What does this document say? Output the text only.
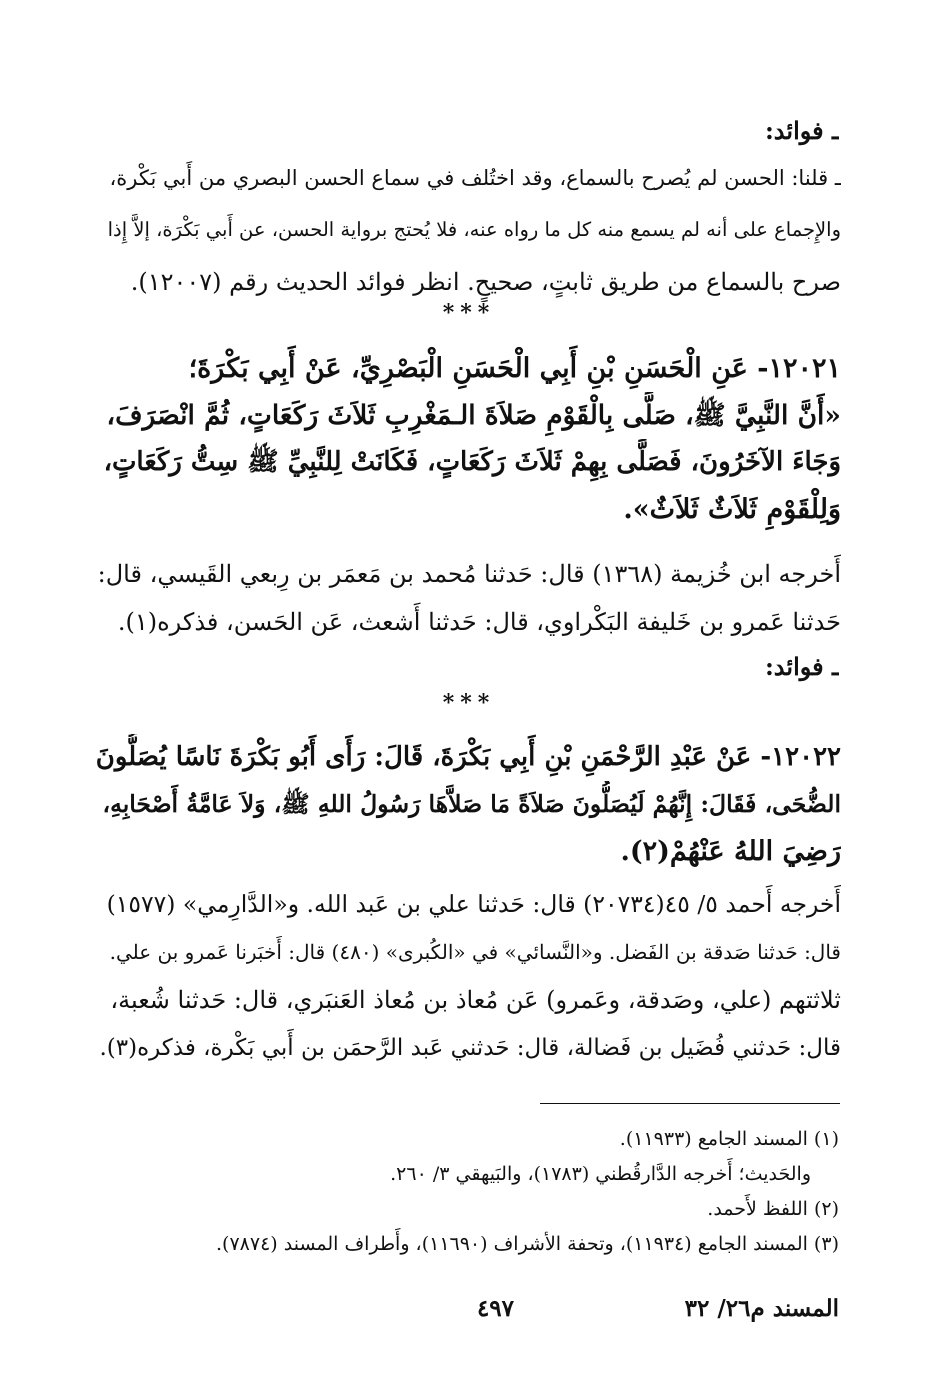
ـ فوائد:
ـ قلنا: الحسن لم يُصرح بالسماع، وقد اختُلف في سماع الحسن البصري من أَبي بَكْرة،
والإِجماع على أنه لم يسمع منه كل ما رواه عنه، فلا يُحتج برواية الحسن، عن أَبي بَكْرَة، إلاَّ إِذا
صرح بالسماع من طريق ثابتٍ، صحيحٍ. انظر فوائد الحديث رقم (١٢٠٠٧).
***
١٢٠٢١- عَنِ الْحَسَنِ بْنِ أَبِي الْحَسَنِ الْبَصْرِيِّ، عَنْ أَبِي بَكْرَةَ؛
«أَنَّ النَّبِيَّ ﷺ، صَلَّى بِالْقَوْمِ صَلاَةَ الـمَغْرِبِ ثَلاَثَ رَكَعَاتٍ، ثُمَّ انْصَرَفَ،
وَجَاءَ الآخَرُونَ، فَصَلَّى بِهِمْ ثَلاَثَ رَكَعَاتٍ، فَكَانَتْ لِلنَّبِيِّ ﷺ سِتُّ رَكَعَاتٍ،
وَلِلْقَوْمِ ثَلاَثٌ ثَلاَثٌ».
أَخرجه ابن خُزيمة (١٣٦٨) قال: حَدثنا مُحمد بن مَعمَر بن رِبعي القَيسي، قال:
حَدثنا عَمرو بن خَليفة البَكْراوي، قال: حَدثنا أَشعث، عَن الحَسن، فذكره(١).
ـ فوائد:
***
١٢٠٢٢- عَنْ عَبْدِ الرَّحْمَنِ بْنِ أَبِي بَكْرَةَ، قَالَ: رَأَى أَبُو بَكْرَةَ نَاسًا يُصَلُّونَ
الضُّحَى، فَقَالَ: إِنَّهُمْ لَيُصَلُّونَ صَلاَةً مَا صَلاَّهَا رَسُولُ اللهِ ﷺ، وَلاَ عَامَّةُ أَصْحَابِهِ،
رَضِيَ اللهُ عَنْهُمْ(٢).
أَخرجه أَحمد ٥/ ٤٥(٢٠٧٣٤) قال: حَدثنا علي بن عَبد الله. و«الدَّارِمي» (١٥٧٧)
قال: حَدثنا صَدقة بن الفَضل. و«النَّسائي» في «الكُبرى» (٤٨٠) قال: أَخبَرنا عَمرو بن علي.
ثلاثتهم (علي، وصَدقة، وعَمرو) عَن مُعاذ بن مُعاذ العَنبَري، قال: حَدثنا شُعبة،
قال: حَدثني فُضَيل بن فَضالة، قال: حَدثني عَبد الرَّحمَن بن أَبي بَكْرة، فذكره(٣).
(١) المسند الجامع (١١٩٣٣).
والحَديث؛ أَخرجه الدَّارقُطني (١٧٨٣)، والبَيهقي ٣/ ٢٦٠.
(٢) اللفظ لأَحمد.
(٣) المسند الجامع (١١٩٣٤)، وتحفة الأشراف (١١٦٩٠)، وأَطراف المسند (٧٨٧٤).
المسند م٢٦/ ٣٢
٤٩٧
